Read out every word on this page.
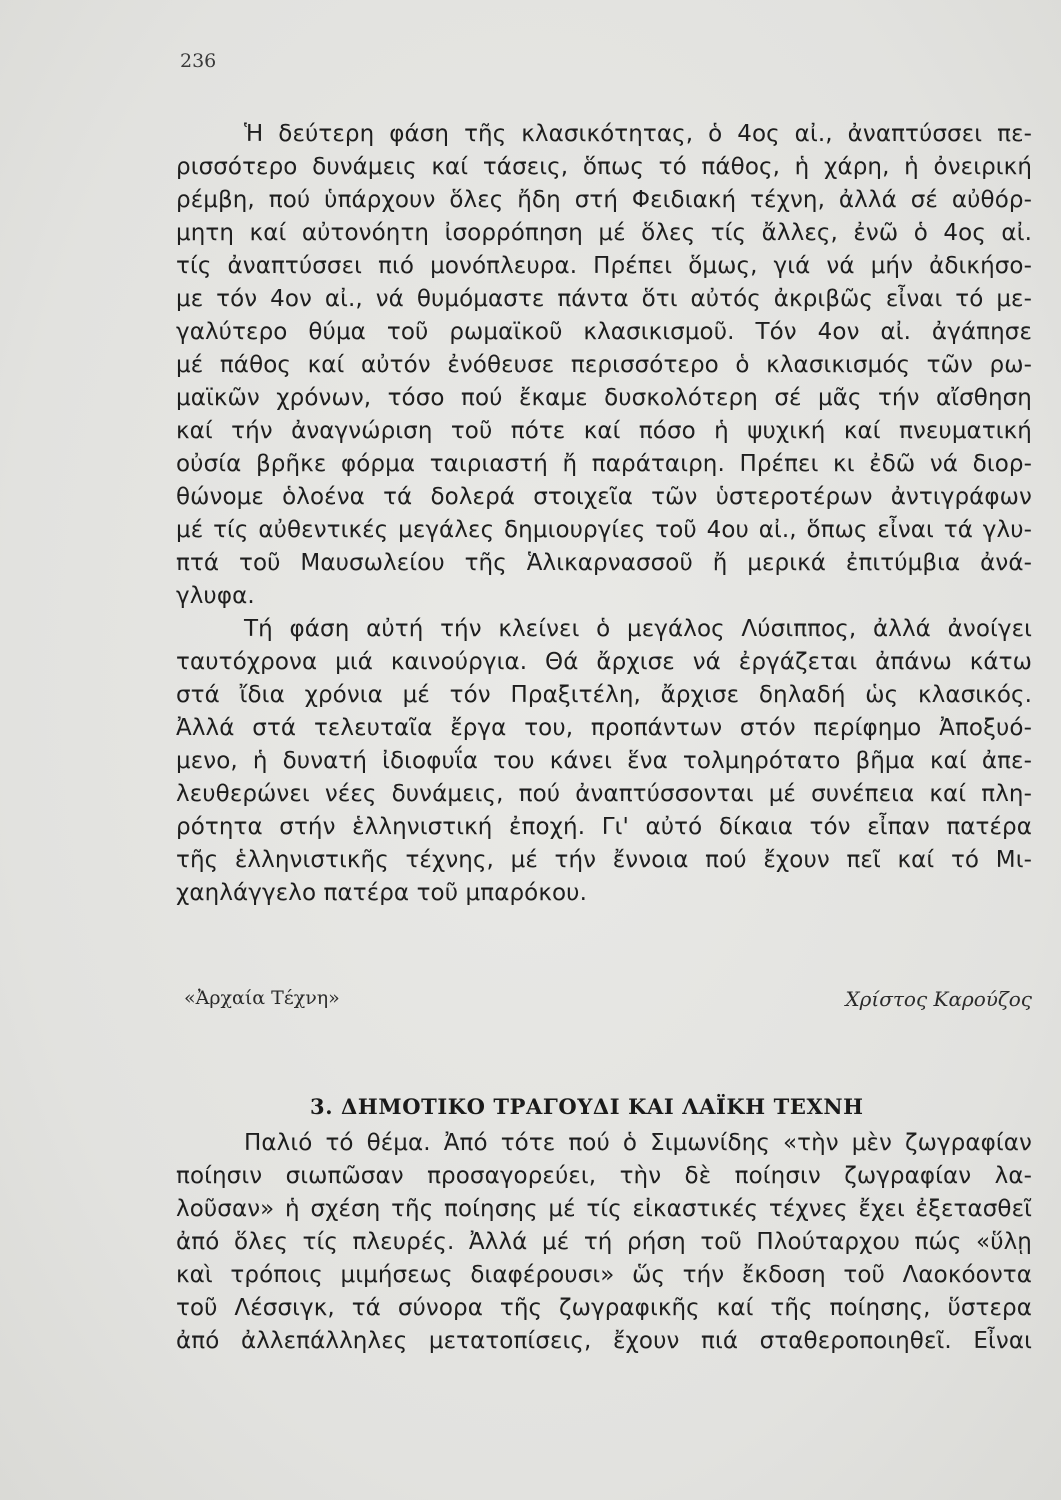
236
Ἡ δεύτερη φάση τῆς κλασικότητας, ὁ 4ος αἰ., ἀναπτύσσει πε-
ρισσότερο δυνάμεις καί τάσεις, ὅπως τό πάθος, ἡ χάρη, ἡ ὀνειρική
ρέμβη, πού ὑπάρχουν ὅλες ἤδη στή Φειδιακή τέχνη, ἀλλά σέ αὐθόρ-
μητη καί αὐτονόητη ἰσορρόπηση μέ ὅλες τίς ἄλλες, ἐνῶ ὁ 4ος αἰ.
τίς ἀναπτύσσει πιό μονόπλευρα. Πρέπει ὅμως, γιά νά μήν ἀδικήσο-
με τόν 4ον αἰ., νά θυμόμαστε πάντα ὅτι αὐτός ἀκριβῶς εἶναι τό με-
γαλύτερο θύμα τοῦ ρωμαϊκοῦ κλασικισμοῦ. Τόν 4ον αἰ. ἀγάπησε
μέ πάθος καί αὐτόν ἐνόθευσε περισσότερο ὁ κλασικισμός τῶν ρω-
μαϊκῶν χρόνων, τόσο πού ἔκαμε δυσκολότερη σέ μᾶς τήν αἴσθηση
καί τήν ἀναγνώριση τοῦ πότε καί πόσο ἡ ψυχική καί πνευματική
οὐσία βρῆκε φόρμα ταιριαστή ἤ παράταιρη. Πρέπει κι ἐδῶ νά διορ-
θώνομε ὁλοένα τά δολερά στοιχεῖα τῶν ὑστεροτέρων ἀντιγράφων
μέ τίς αὐθεντικές μεγάλες δημιουργίες τοῦ 4ου αἰ., ὅπως εἶναι τά γλυ-
πτά τοῦ Μαυσωλείου τῆς Ἁλικαρνασσοῦ ἤ μερικά ἐπιτύμβια ἀνά-
γλυφα.
Τή φάση αὐτή τήν κλείνει ὁ μεγάλος Λύσιππος, ἀλλά ἀνοίγει
ταυτόχρονα μιά καινούργια. Θά ἄρχισε νά ἐργάζεται ἀπάνω κάτω
στά ἴδια χρόνια μέ τόν Πραξιτέλη, ἄρχισε δηλαδή ὡς κλασικός.
Ἀλλά στά τελευταῖα ἔργα του, προπάντων στόν περίφημο Ἀποξυό-
μενο, ἡ δυνατή ἰδιοφυΐα του κάνει ἕνα τολμηρότατο βῆμα καί ἀπε-
λευθερώνει νέες δυνάμεις, πού ἀναπτύσσονται μέ συνέπεια καί πλη-
ρότητα στήν ἑλληνιστική ἐποχή. Γι' αὐτό δίκαια τόν εἶπαν πατέρα
τῆς ἑλληνιστικῆς τέχνης, μέ τήν ἔννοια πού ἔχουν πεῖ καί τό Μι-
χαηλάγγελο πατέρα τοῦ μπαρόκου.
«Ἀρχαία Τέχνη»	Χρίστος Καρούζος
3. ΔΗΜΟΤΙΚΟ ΤΡΑΓΟΥΔΙ ΚΑΙ ΛΑΪΚΗ ΤΕΧΝΗ
Παλιό τό θέμα. Ἀπό τότε πού ὁ Σιμωνίδης «τὴν μὲν ζωγραφίαν
ποίησιν σιωπῶσαν προσαγορεύει, τὴν δὲ ποίησιν ζωγραφίαν λα-
λοῦσαν» ἡ σχέση τῆς ποίησης μέ τίς εἰκαστικές τέχνες ἔχει ἐξετασθεῖ
ἀπό ὅλες τίς πλευρές. Ἀλλά μέ τή ρήση τοῦ Πλούταρχου πώς «ὕλῃ
καὶ τρόποις μιμήσεως διαφέρουσι» ὥς τήν ἔκδοση τοῦ Λαοκόοντα
τοῦ Λέσσιγκ, τά σύνορα τῆς ζωγραφικῆς καί τῆς ποίησης, ὕστερα
ἀπό ἀλλεπάλληλες μετατοπίσεις, ἔχουν πιά σταθεροποιηθεῖ. Εἶναι
